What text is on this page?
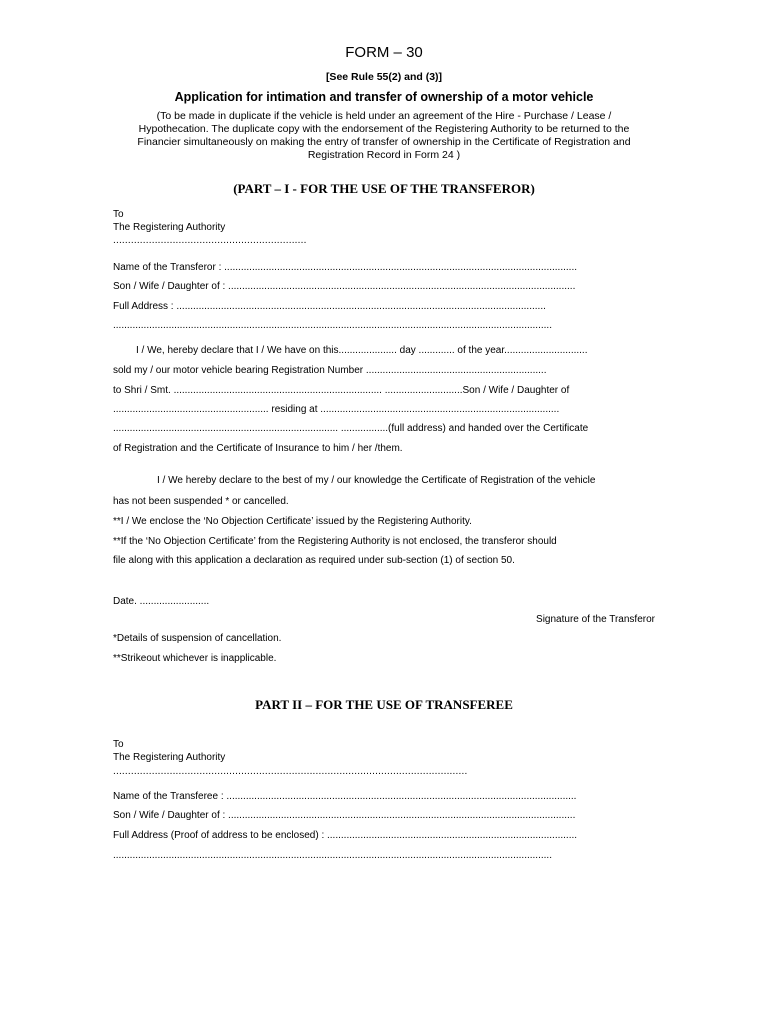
FORM – 30
[See Rule 55(2) and (3)]
Application for intimation and transfer of ownership of a motor vehicle
(To be made in duplicate if the vehicle is held under an agreement of the Hire - Purchase / Lease /
Hypothecation. The duplicate copy with the endorsement of the Registering Authority to be returned to the
Financier simultaneously on making the entry of transfer of ownership in the Certificate of Registration and
Registration Record in Form 24 )
(PART – I - FOR THE USE OF THE TRANSFEROR)
To
The Registering Authority
.................................................................
Name of the Transferor : ...............................................................................................................................
Son / Wife / Daughter of : .............................................................................................................................
Full Address : .....................................................................................................................................
..............................................................................................................................................................
I / We, hereby declare that I / We have on this..................... day ............. of the year..............................
sold my / our motor vehicle bearing Registration Number .................................................................
to Shri / Smt. ........................................................................... ............................Son / Wife / Daughter of
........................................................ residing at ......................................................................................
................................................................................. .................(full address) and handed over the Certificate
of Registration and the Certificate of Insurance to him / her /them.
I / We hereby declare to the best of my / our knowledge the Certificate of Registration of the vehicle
has not been suspended * or cancelled.
**I / We enclose the ‘No Objection Certificate’ issued by the Registering Authority.
**If the ‘No Objection Certificate’ from the Registering Authority is not enclosed, the transferor should
file along with this application a declaration as required under sub-section (1) of section 50.
Date. .........................
Signature of the Transferor
*Details of suspension of cancellation.
**Strikeout whichever is inapplicable.
PART II – FOR THE USE OF TRANSFEREE
To
The Registering Authority
.......................................................................................................................
Name of the Transferee : ..............................................................................................................................
Son / Wife / Daughter of : .............................................................................................................................
Full Address (Proof of address to be enclosed) : ..........................................................................................
..............................................................................................................................................................
